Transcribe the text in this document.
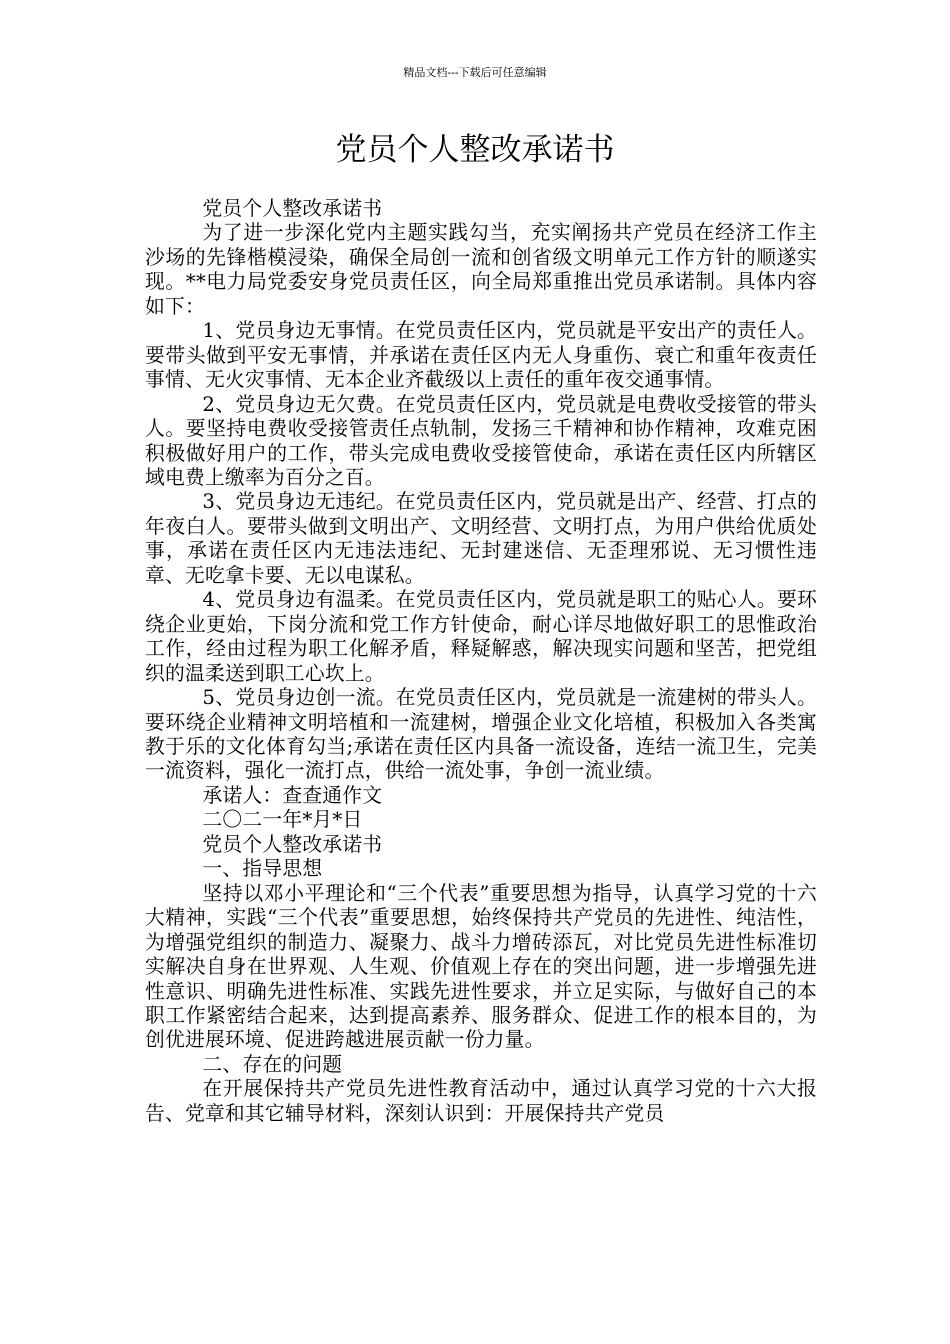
精品文档---下载后可任意编辑
党员个人整改承诺书

党员个人整改承诺书

为了进一步深化党内主题实践勾当，充实阐扬共产党员在经济工作主沙场的先锋楷模浸染，确保全局创一流和创省级文明单元工作方针的顺遂实现。**电力局党委安身党员责任区，向全局郑重推出党员承诺制。具体内容如下：

1、党员身边无事情。在党员责任区内，党员就是平安出产的责任人。要带头做到平安无事情，并承诺在责任区内无人身重伤、衰亡和重年夜责任事情、无火灾事情、无本企业齐截级以上责任的重年夜交通事情。

2、党员身边无欠费。在党员责任区内，党员就是电费收受接管的带头人。要坚持电费收受接管责任点轨制，发扬三千精神和协作精神，攻难克困积极做好用户的工作，带头完成电费收受接管使命，承诺在责任区内所辖区域电费上缴率为百分之百。

3、党员身边无违纪。在党员责任区内，党员就是出产、经营、打点的年夜白人。要带头做到文明出产、文明经营、文明打点，为用户供给优质处事，承诺在责任区内无违法违纪、无封建迷信、无歪理邪说、无习惯性违章、无吃拿卡要、无以电谋私。

4、党员身边有温柔。在党员责任区内，党员就是职工的贴心人。要环绕企业更始，下岗分流和党工作方针使命，耐心详尽地做好职工的思惟政治工作，经由过程为职工化解矛盾，释疑解惑，解决现实问题和坚苦，把党组织的温柔送到职工心坎上。

5、党员身边创一流。在党员责任区内，党员就是一流建树的带头人。要环绕企业精神文明培植和一流建树，增强企业文化培植，积极加入各类寓教于乐的文化体育勾当;承诺在责任区内具备一流设备，连结一流卫生，完美一流资料，强化一流打点，供给一流处事，争创一流业绩。

承诺人：查查通作文

二〇二一年*月*日

党员个人整改承诺书

一、指导思想

坚持以邓小平理论和“三个代表”重要思想为指导，认真学习党的十六大精神，实践“三个代表”重要思想，始终保持共产党员的先进性、纯洁性，为增强党组织的制造力、凝聚力、战斗力增砖添瓦，对比党员先进性标准切实解决自身在世界观、人生观、价值观上存在的突出问题，进一步增强先进性意识、明确先进性标准、实践先进性要求，并立足实际，与做好自己的本职工作紧密结合起来，达到提高素养、服务群众、促进工作的根本目的，为创优进展环境、促进跨越进展贡献一份力量。

二、存在的问题

在开展保持共产党员先进性教育活动中，通过认真学习党的十六大报告、党章和其它辅导材料，深刻认识到：开展保持共产党员
